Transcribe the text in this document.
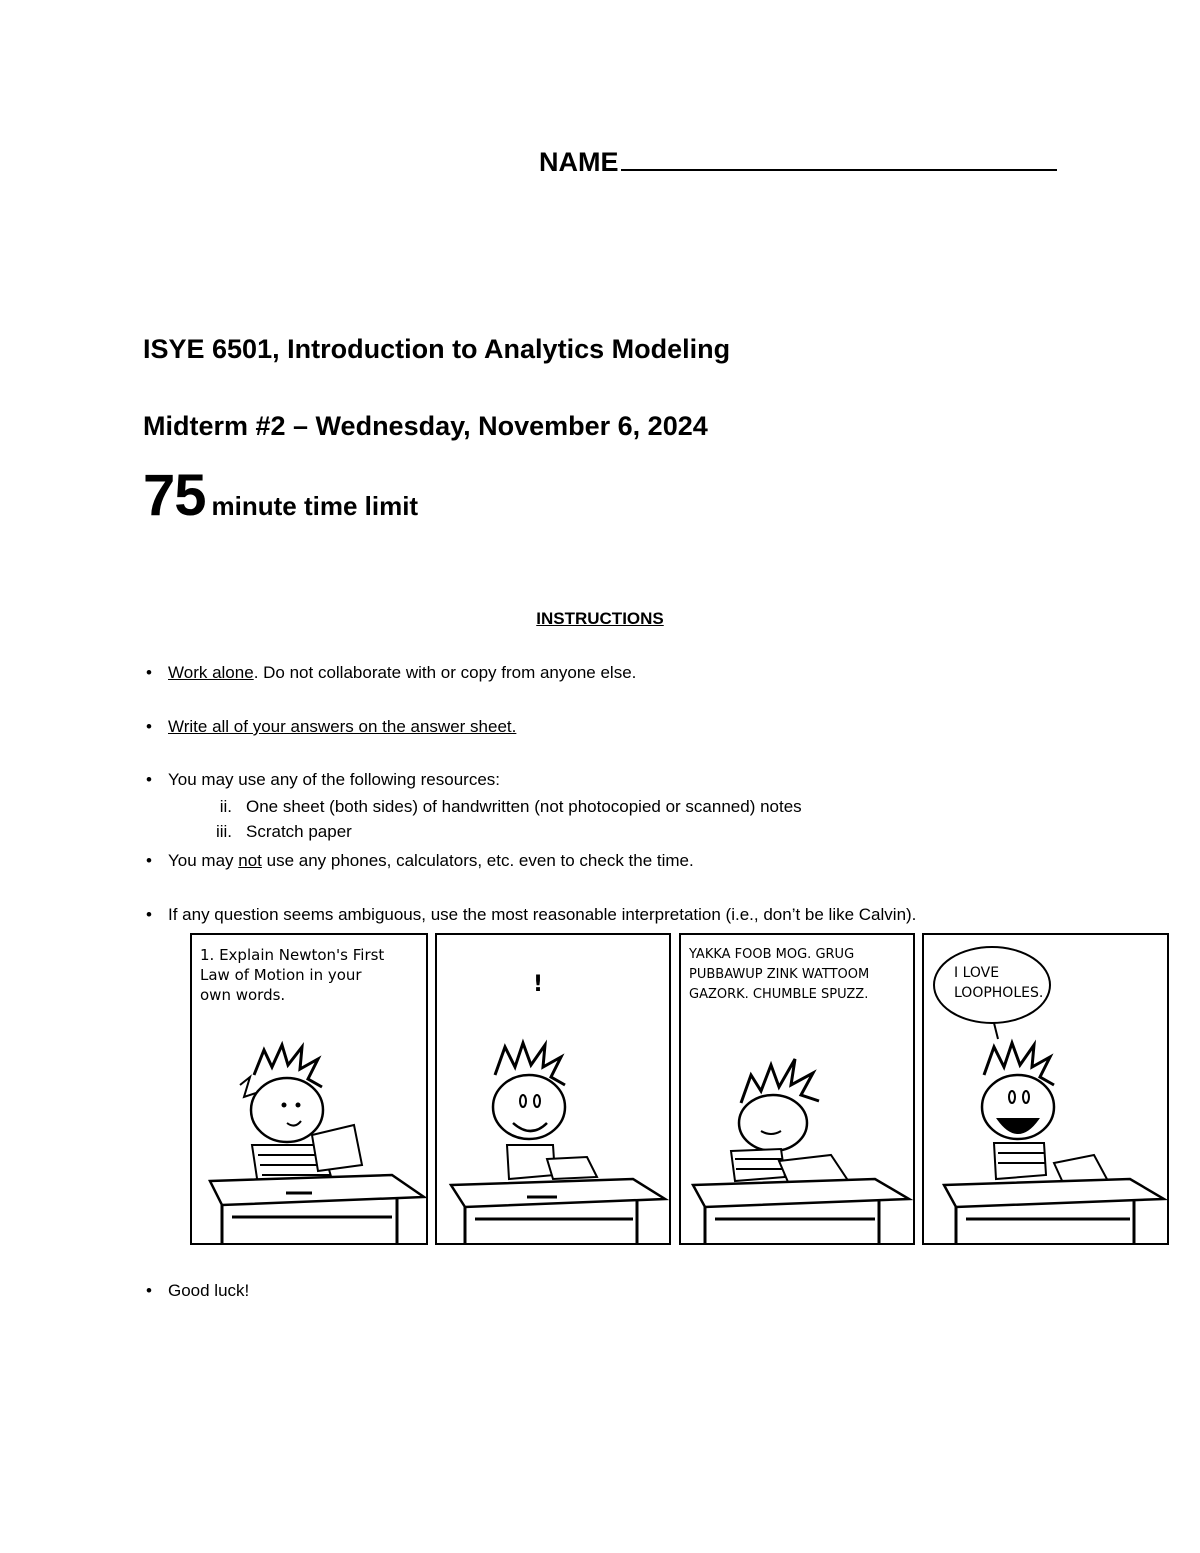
NAME
ISYE 6501, Introduction to Analytics Modeling
Midterm #2 – Wednesday, November 6, 2024
75 minute time limit
INSTRUCTIONS
• Work alone. Do not collaborate with or copy from anyone else.
• Write all of your answers on the answer sheet.
• You may use any of the following resources:
ii. One sheet (both sides) of handwritten (not photocopied or scanned) notes
iii. Scratch paper
• You may not use any phones, calculators, etc. even to check the time.
• If any question seems ambiguous, use the most reasonable interpretation (i.e., don’t be like Calvin).
1. Explain Newton's First
Law of Motion in your
own words.	!
YAKKA FOOB MOG. GRUG
PUBBAWUP ZINK WATTOOM
GAZORK. CHUMBLE SPUZZ.
I LOVE
LOOPHOLES.
• Good luck!
